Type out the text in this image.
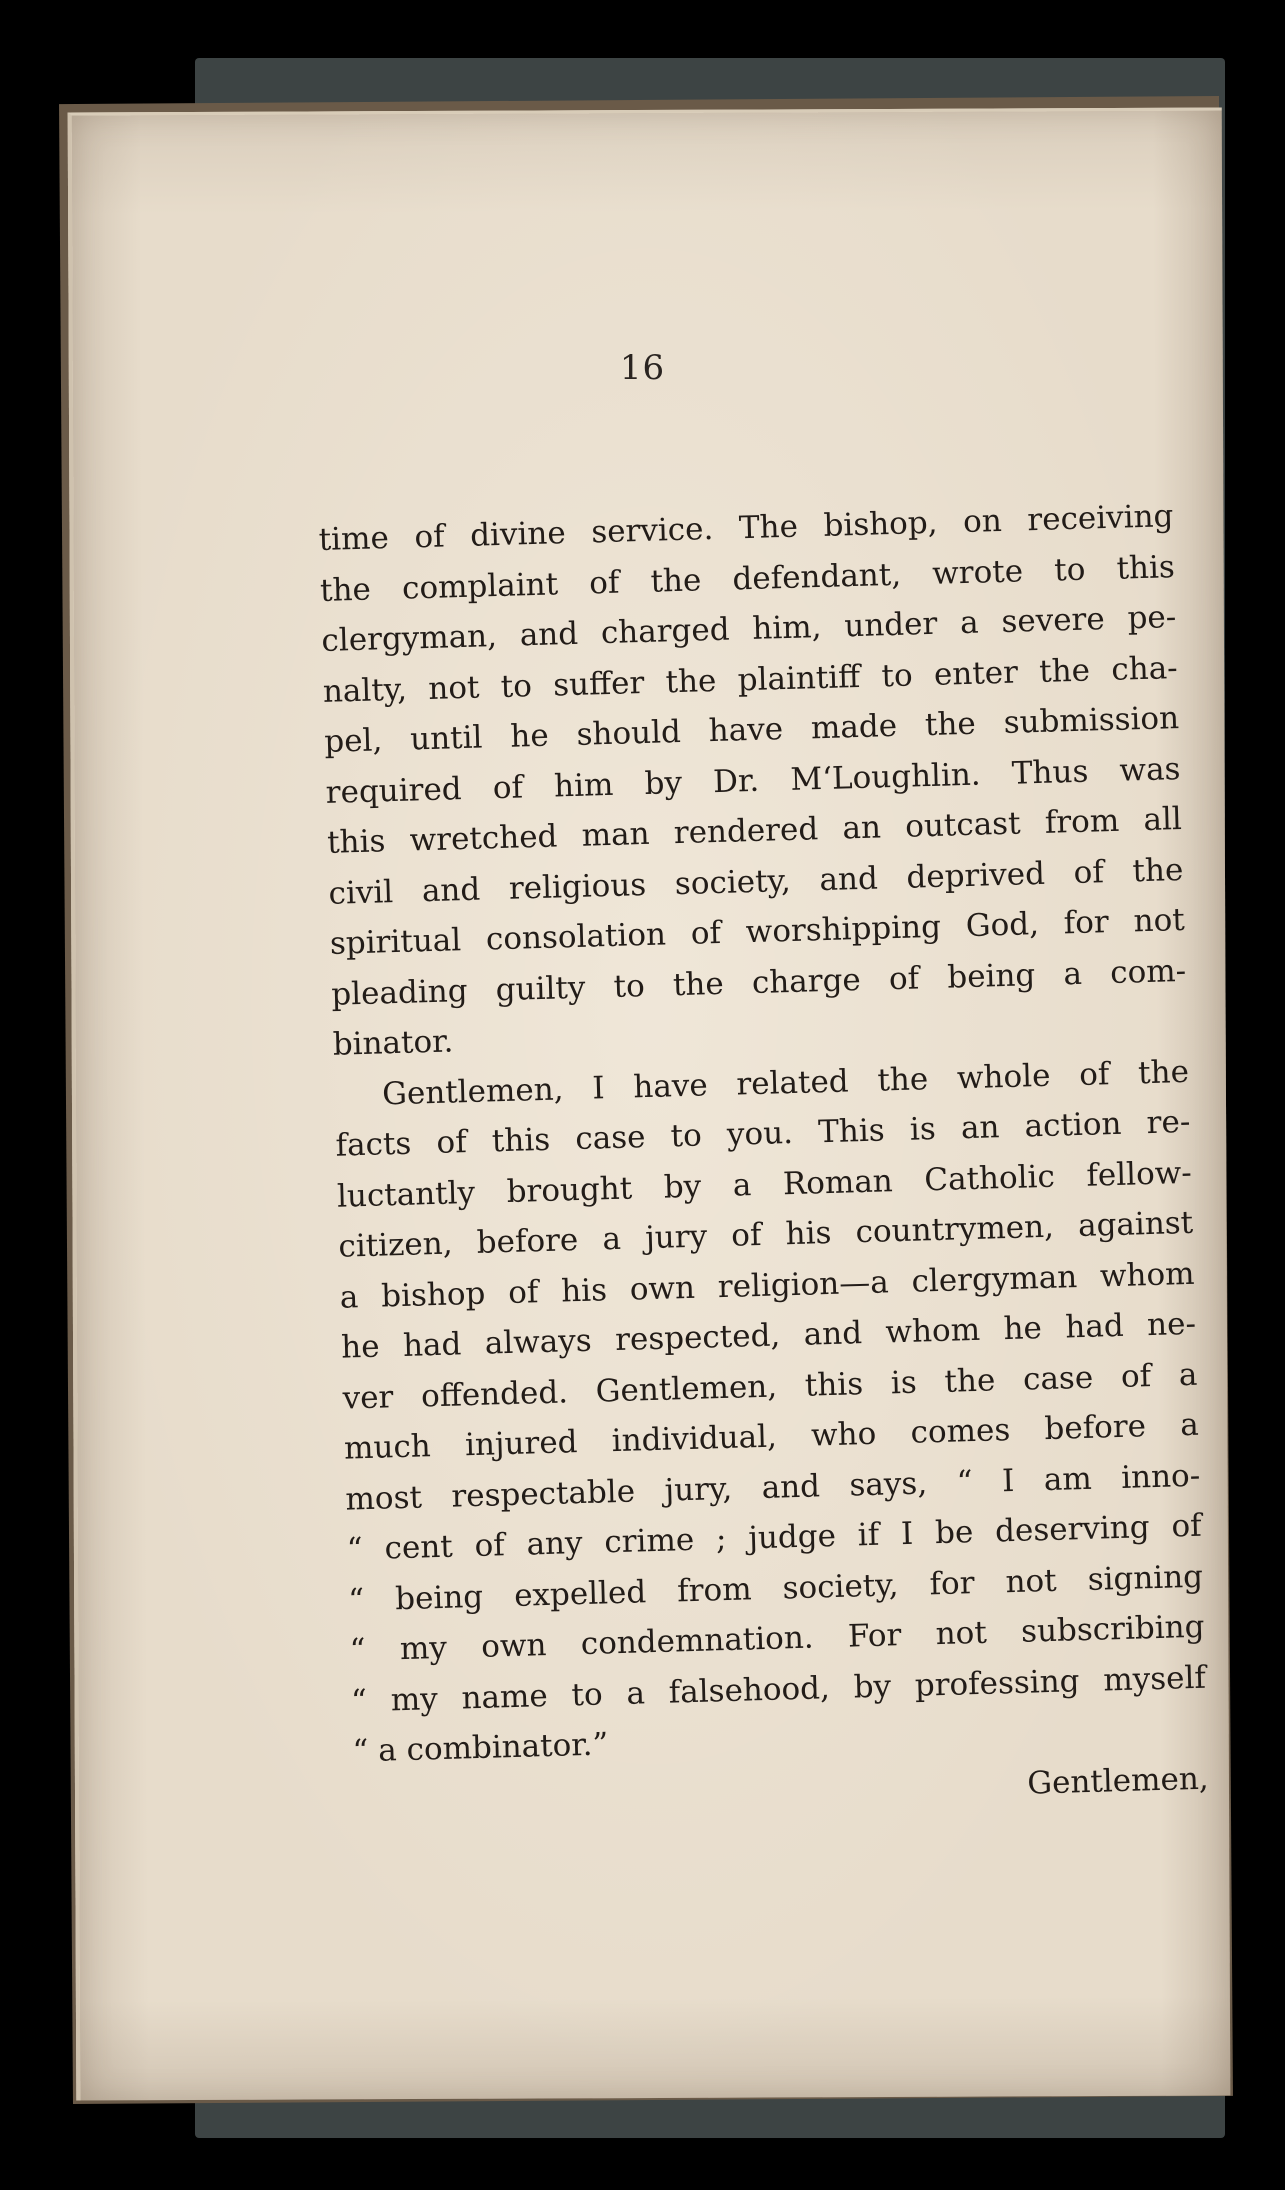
16

time of divine service. The bishop, on receiving
the complaint of the defendant, wrote to this
clergyman, and charged him, under a severe pe-
nalty, not to suffer the plaintiff to enter the cha-
pel, until he should have made the submission
required of him by Dr. M‘Loughlin. Thus was
this wretched man rendered an outcast from all
civil and religious society, and deprived of the
spiritual consolation of worshipping God, for not
pleading guilty to the charge of being a com-
binator.

Gentlemen, I have related the whole of the
facts of this case to you. This is an action re-
luctantly brought by a Roman Catholic fellow-
citizen, before a jury of his countrymen, against
a bishop of his own religion—a clergyman whom
he had always respected, and whom he had ne-
ver offended. Gentlemen, this is the case of a
much injured individual, who comes before a
most respectable jury, and says, “ I am inno-
“ cent of any crime ; judge if I be deserving of
“ being expelled from society, for not signing
“ my own condemnation. For not subscribing
“ my name to a falsehood, by professing myself
“ a combinator.”

Gentlemen,
